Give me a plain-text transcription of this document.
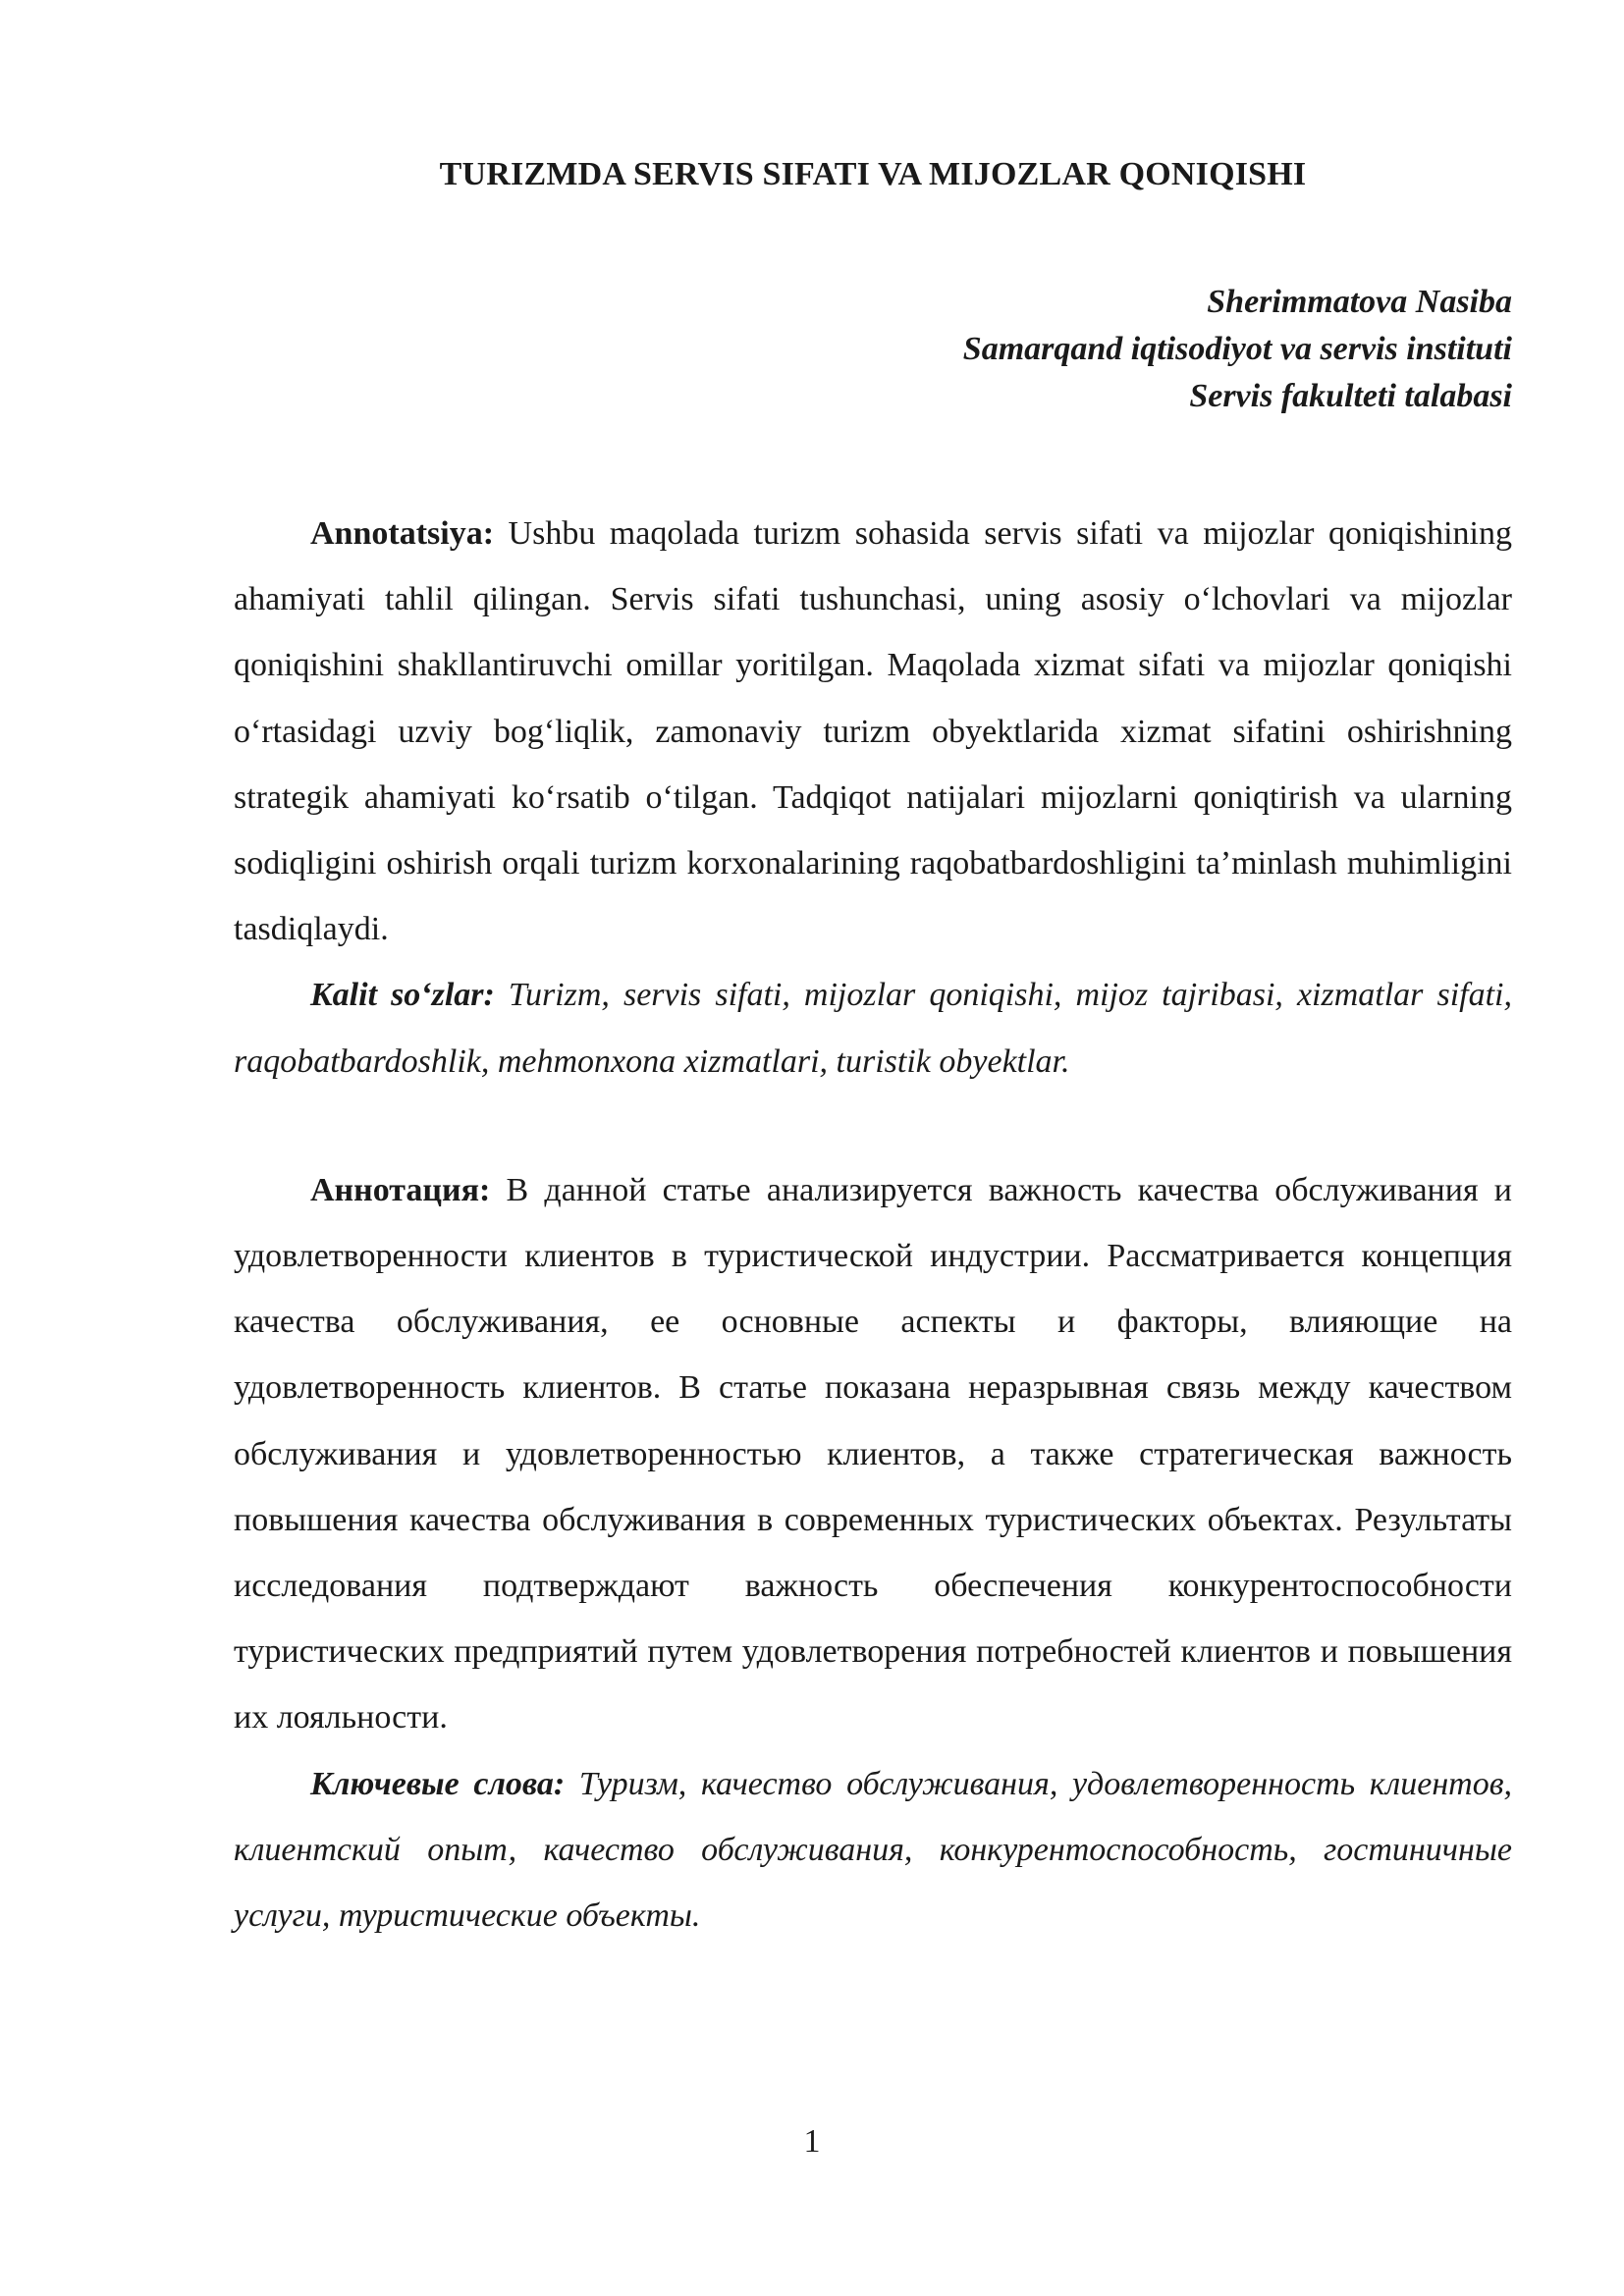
TURIZMDA SERVIS SIFATI VA MIJOZLAR QONIQISHI
Sherimmatova Nasiba
Samarqand iqtisodiyot va servis instituti
Servis fakulteti talabasi

Annotatsiya: Ushbu maqolada turizm sohasida servis sifati va mijozlar qoniqishining ahamiyati tahlil qilingan. Servis sifati tushunchasi, uning asosiy o‘lchovlari va mijozlar qoniqishini shakllantiruvchi omillar yoritilgan. Maqolada xizmat sifati va mijozlar qoniqishi o‘rtasidagi uzviy bog‘liqlik, zamonaviy turizm obyektlarida xizmat sifatini oshirishning strategik ahamiyati ko‘rsatib o‘tilgan. Tadqiqot natijalari mijozlarni qoniqtirish va ularning sodiqligini oshirish orqali turizm korxonalarining raqobatbardoshligini ta’minlash muhimligini tasdiqlaydi.

Kalit so‘zlar: Turizm, servis sifati, mijozlar qoniqishi, mijoz tajribasi, xizmatlar sifati, raqobatbardoshlik, mehmonxona xizmatlari, turistik obyektlar.

Аннотация: В данной статье анализируется важность качества обслуживания и удовлетворенности клиентов в туристической индустрии. Рассматривается концепция качества обслуживания, ее основные аспекты и факторы, влияющие на удовлетворенность клиентов. В статье показана неразрывная связь между качеством обслуживания и удовлетворенностью клиентов, а также стратегическая важность повышения качества обслуживания в современных туристических объектах. Результаты исследования подтверждают важность обеспечения конкурентоспособности туристических предприятий путем удовлетворения потребностей клиентов и повышения их лояльности.

Ключевые слова: Туризм, качество обслуживания, удовлетворенность клиентов, клиентский опыт, качество обслуживания, конкурентоспособность, гостиничные услуги, туристические объекты.

1
